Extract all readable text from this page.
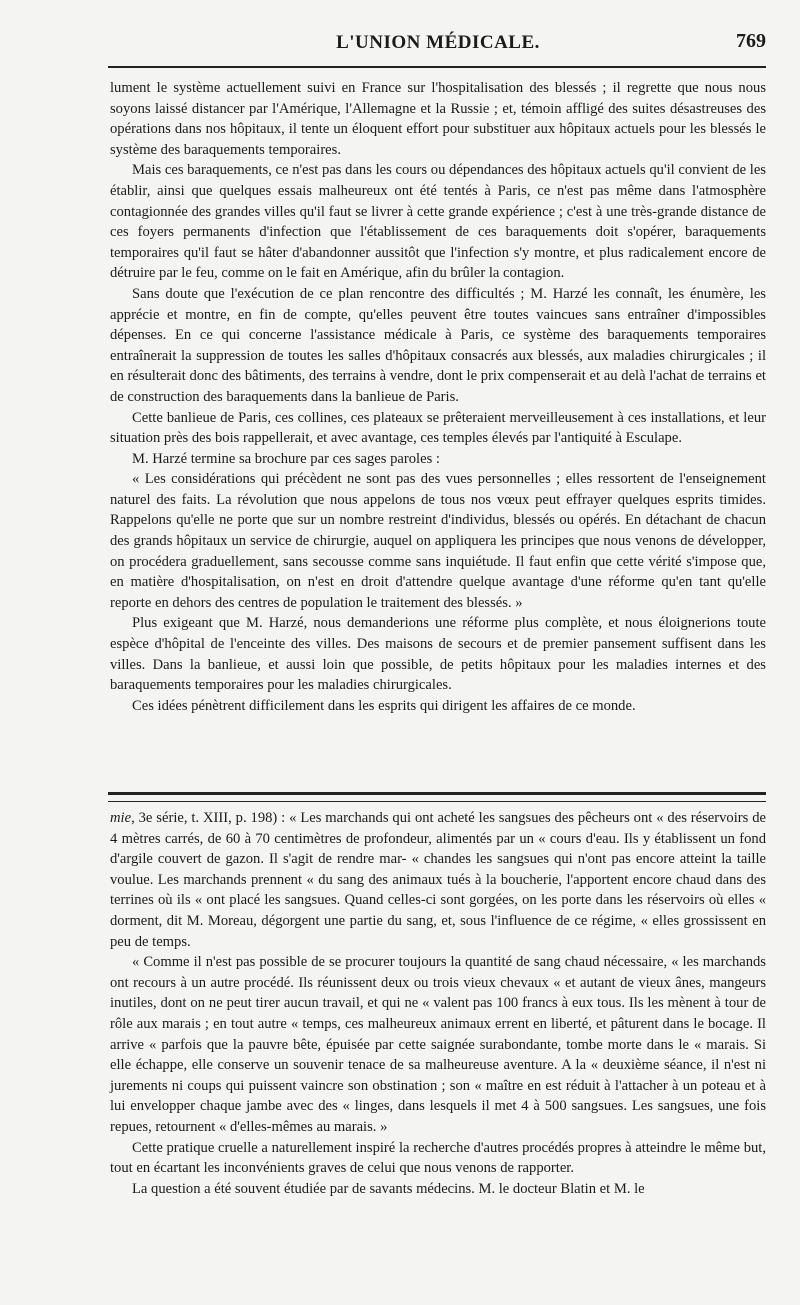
L'UNION MÉDICALE.	769

lument le système actuellement suivi en France sur l'hospitalisation des blessés ; il regrette que nous nous soyons laissé distancer par l'Amérique, l'Allemagne et la Russie ; et, témoin affligé des suites désastreuses des opérations dans nos hôpitaux, il tente un éloquent effort pour substituer aux hôpitaux actuels pour les blessés le système des baraquements temporaires.

Mais ces baraquements, ce n'est pas dans les cours ou dépendances des hôpitaux actuels qu'il convient de les établir, ainsi que quelques essais malheureux ont été tentés à Paris, ce n'est pas même dans l'atmosphère contagionnée des grandes villes qu'il faut se livrer à cette grande expérience ; c'est à une très-grande distance de ces foyers permanents d'infection que l'établissement de ces baraquements doit s'opérer, baraquements temporaires qu'il faut se hâter d'abandonner aussitôt que l'infection s'y montre, et plus radicalement encore de détruire par le feu, comme on le fait en Amérique, afin du brûler la contagion.

Sans doute que l'exécution de ce plan rencontre des difficultés ; M. Harzé les connaît, les énumère, les apprécie et montre, en fin de compte, qu'elles peuvent être toutes vaincues sans entraîner d'impossibles dépenses. En ce qui concerne l'assistance médicale à Paris, ce système des baraquements temporaires entraînerait la suppression de toutes les salles d'hôpitaux consacrés aux blessés, aux maladies chirurgicales ; il en résulterait donc des bâtiments, des terrains à vendre, dont le prix compenserait et au delà l'achat de terrains et de construction des baraquements dans la banlieue de Paris.

Cette banlieue de Paris, ces collines, ces plateaux se prêteraient merveilleusement à ces installations, et leur situation près des bois rappellerait, et avec avantage, ces temples élevés par l'antiquité à Esculape.

M. Harzé termine sa brochure par ces sages paroles :

« Les considérations qui précèdent ne sont pas des vues personnelles ; elles ressortent de l'enseignement naturel des faits. La révolution que nous appelons de tous nos vœux peut effrayer quelques esprits timides. Rappelons qu'elle ne porte que sur un nombre restreint d'individus, blessés ou opérés. En détachant de chacun des grands hôpitaux un service de chirurgie, auquel on appliquera les principes que nous venons de développer, on procédera graduellement, sans secousse comme sans inquiétude. Il faut enfin que cette vérité s'impose que, en matière d'hospitalisation, on n'est en droit d'attendre quelque avantage d'une réforme qu'en tant qu'elle reporte en dehors des centres de population le traitement des blessés. »

Plus exigeant que M. Harzé, nous demanderions une réforme plus complète, et nous éloignerions toute espèce d'hôpital de l'enceinte des villes. Des maisons de secours et de premier pansement suffisent dans les villes. Dans la banlieue, et aussi loin que possible, de petits hôpitaux pour les maladies internes et des baraquements temporaires pour les maladies chirurgicales.

Ces idées pénètrent difficilement dans les esprits qui dirigent les affaires de ce monde.

mie, 3e série, t. XIII, p. 198) : « Les marchands qui ont acheté les sangsues des pêcheurs ont « des réservoirs de 4 mètres carrés, de 60 à 70 centimètres de profondeur, alimentés par un « cours d'eau. Ils y établissent un fond d'argile couvert de gazon. Il s'agit de rendre mar- « chandes les sangsues qui n'ont pas encore atteint la taille voulue. Les marchands prennent « du sang des animaux tués à la boucherie, l'apportent encore chaud dans des terrines où ils « ont placé les sangsues. Quand celles-ci sont gorgées, on les porte dans les réservoirs où elles « dorment, dit M. Moreau, dégorgent une partie du sang, et, sous l'influence de ce régime, « elles grossissent en peu de temps.

« Comme il n'est pas possible de se procurer toujours la quantité de sang chaud nécessaire, « les marchands ont recours à un autre procédé. Ils réunissent deux ou trois vieux chevaux « et autant de vieux ânes, mangeurs inutiles, dont on ne peut tirer aucun travail, et qui ne « valent pas 100 francs à eux tous. Ils les mènent à tour de rôle aux marais ; en tout autre « temps, ces malheureux animaux errent en liberté, et pâturent dans le bocage. Il arrive « parfois que la pauvre bête, épuisée par cette saignée surabondante, tombe morte dans le « marais. Si elle échappe, elle conserve un souvenir tenace de sa malheureuse aventure. A la « deuxième séance, il n'est ni jurements ni coups qui puissent vaincre son obstination ; son « maître en est réduit à l'attacher à un poteau et à lui envelopper chaque jambe avec des « linges, dans lesquels il met 4 à 500 sangsues. Les sangsues, une fois repues, retournent « d'elles-mêmes au marais. »

Cette pratique cruelle a naturellement inspiré la recherche d'autres procédés propres à atteindre le même but, tout en écartant les inconvénients graves de celui que nous venons de rapporter.

La question a été souvent étudiée par de savants médecins. M. le docteur Blatin et M. le
